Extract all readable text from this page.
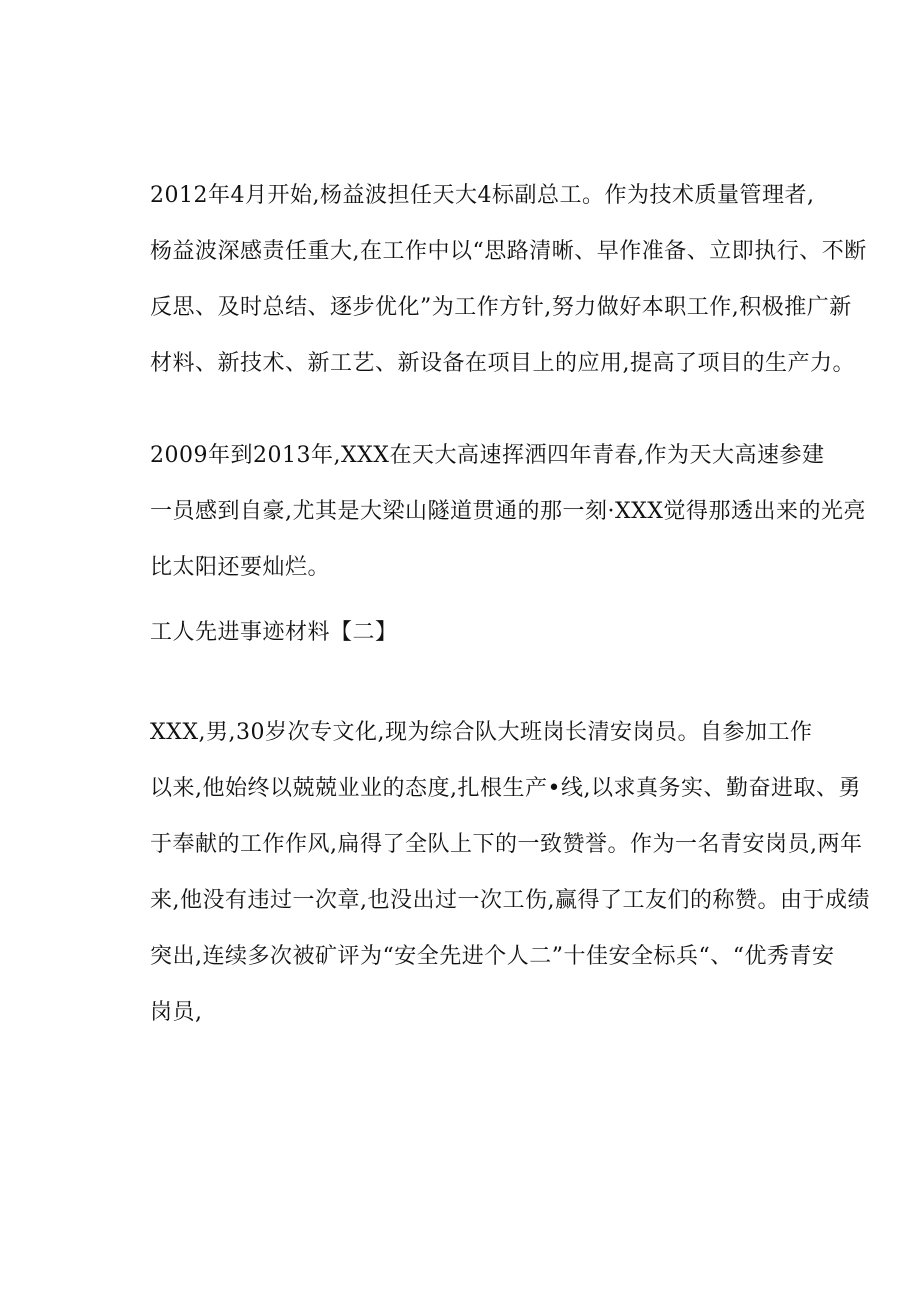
2012年4月开始,杨益波担任天大4标副总工。作为技术质量管理者,
杨益波深感责任重大,在工作中以“思路清晰、早作准备、立即执行、不断
反思、及时总结、逐步优化”为工作方针,努力做好本职工作,积极推广新
材料、新技术、新工艺、新设备在项目上的应用,提高了项目的生产力。
2009年到2013年,XXX在天大高速挥洒四年青春,作为天大高速参建
一员感到自豪,尤其是大梁山隧道贯通的那一刻·XXX觉得那透出来的光亮
比太阳还要灿烂。
工人先进事迹材料【二】
XXX,男,30岁次专文化,现为综合队大班岗长清安岗员。自参加工作
以来,他始终以兢兢业业的态度,扎根生产•线,以求真务实、勤奋进取、勇
于奉献的工作作风,扁得了全队上下的一致赞誉。作为一名青安岗员,两年
来,他没有违过一次章,也没出过一次工伤,赢得了工友们的称赞。由于成绩
突出,连续多次被矿评为“安全先进个人二”十佳安全标兵“、“优秀青安
岗员,
